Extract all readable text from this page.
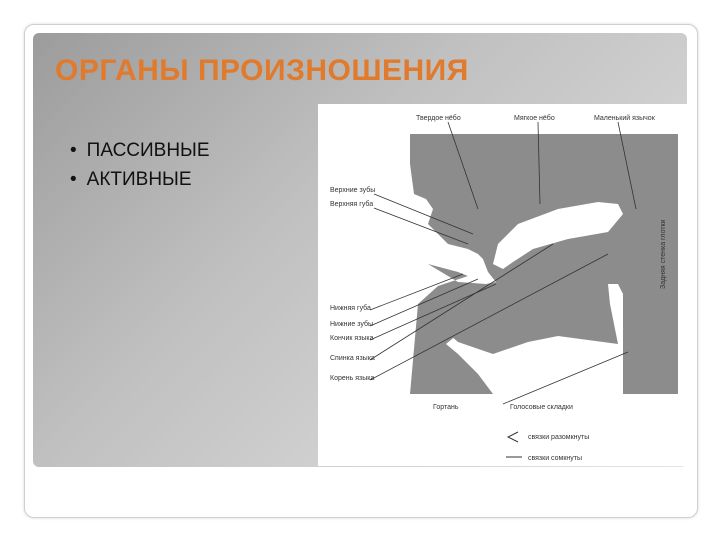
ОРГАНЫ ПРОИЗНОШЕНИЯ
• ПАССИВНЫЕ
• АКТИВНЫЕ
Твердое нёбо	Мягкое нёбо	Маленький язычок
Верхние зубы
Верхняя губа
Нижняя губа
Нижние зубы
Кончик языка
Спинка языка
Корень языка
Задняя стенка глотки
Гортань	Голосовые складки
связки разомкнуты
связки сомкнуты
